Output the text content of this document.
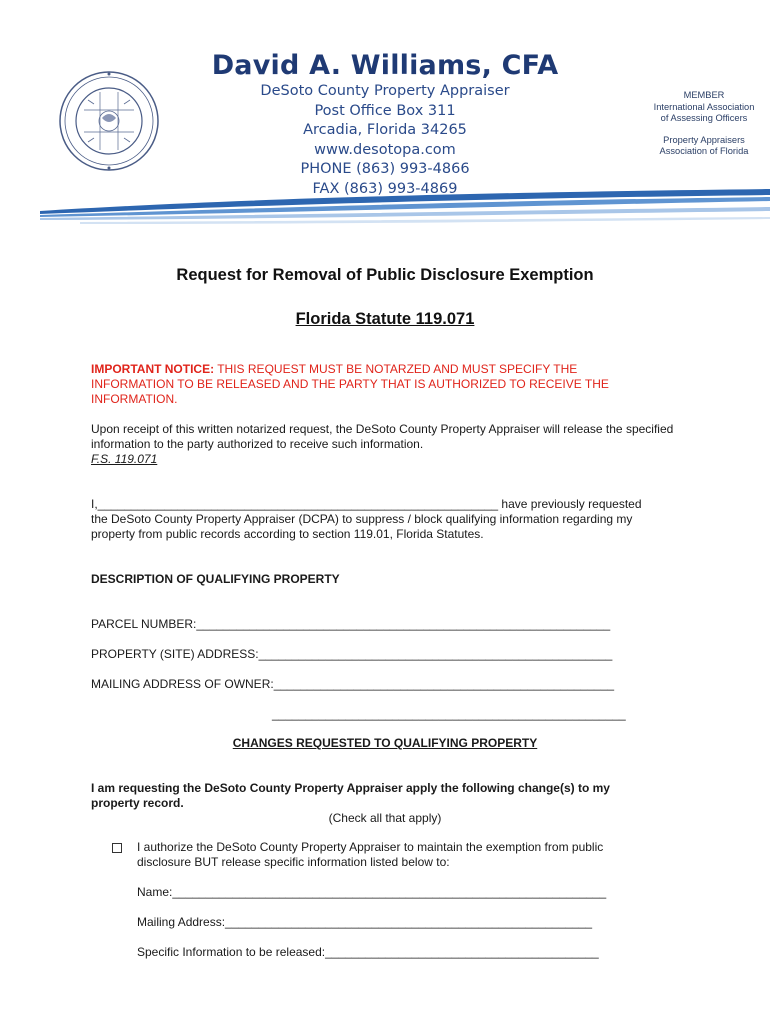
David A. Williams, CFA
DeSoto County Property Appraiser
Post Office Box 311
Arcadia, Florida 34265
www.desotopa.com
PHONE (863) 993-4866
FAX (863) 993-4869
MEMBER
International Association
of Assessing Officers
Property Appraisers
Association of Florida
Request for Removal of Public Disclosure Exemption
Florida Statute 119.071
IMPORTANT NOTICE: THIS REQUEST MUST BE NOTARZED AND MUST SPECIFY THE INFORMATION TO BE RELEASED AND THE PARTY THAT IS AUTHORIZED TO RECEIVE THE INFORMATION.
Upon receipt of this written notarized request, the DeSoto County Property Appraiser will release the specified information to the party authorized to receive such information.
F.S. 119.071
I,____________________________________________________________ have previously requested
the DeSoto County Property Appraiser (DCPA) to suppress / block qualifying information regarding my
property from public records according to section 119.01, Florida Statutes.
DESCRIPTION OF QUALIFYING PROPERTY
PARCEL NUMBER:______________________________________________________________
PROPERTY (SITE) ADDRESS:_____________________________________________________
MAILING ADDRESS OF OWNER:___________________________________________________
_____________________________________________________
CHANGES REQUESTED TO QUALIFYING PROPERTY
I am requesting the DeSoto County Property Appraiser apply the following change(s) to my
property record.
(Check all that apply)
I authorize the DeSoto County Property Appraiser to maintain the exemption from public
disclosure BUT release specific information listed below to:
Name:_________________________________________________________________
Mailing Address:_______________________________________________________
Specific Information to be released:_________________________________________
